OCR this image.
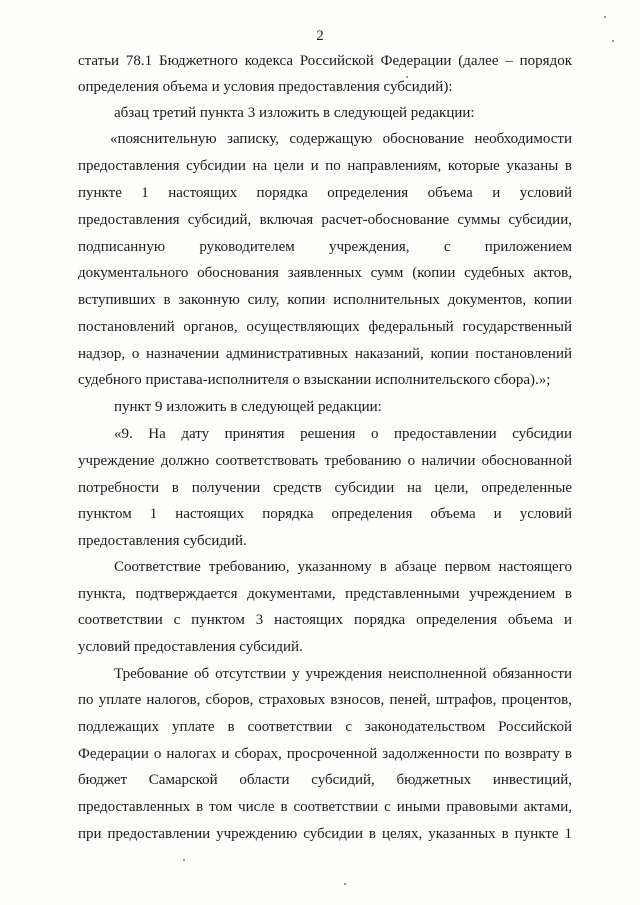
2
статьи 78.1 Бюджетного кодекса Российской Федерации (далее – порядок
определения объема и условия предоставления субсидий):
абзац третий пункта 3 изложить в следующей редакции:
«пояснительную записку, содержащую обоснование необходимости
предоставления субсидии на цели и по направлениям, которые указаны в
пункте 1 настоящих порядка определения объема и условий
предоставления субсидий, включая расчет-обоснование суммы субсидии,
подписанную руководителем учреждения, с приложением
документального обоснования заявленных сумм (копии судебных актов,
вступивших в законную силу, копии исполнительных документов, копии
постановлений органов, осуществляющих федеральный государственный
надзор, о назначении административных наказаний, копии постановлений
судебного пристава-исполнителя о взыскании исполнительского сбора).»;
пункт 9 изложить в следующей редакции:
«9. На дату принятия решения о предоставлении субсидии
учреждение должно соответствовать требованию о наличии обоснованной
потребности в получении средств субсидии на цели, определенные
пунктом 1 настоящих порядка определения объема и условий
предоставления субсидий.
Соответствие требованию, указанному в абзаце первом настоящего
пункта, подтверждается документами, представленными учреждением в
соответствии с пунктом 3 настоящих порядка определения объема и
условий предоставления субсидий.
Требование об отсутствии у учреждения неисполненной обязанности
по уплате налогов, сборов, страховых взносов, пеней, штрафов, процентов,
подлежащих уплате в соответствии с законодательством Российской
Федерации о налогах и сборах, просроченной задолженности по возврату в
бюджет Самарской области субсидий, бюджетных инвестиций,
предоставленных в том числе в соответствии с иными правовыми актами,
при предоставлении учреждению субсидии в целях, указанных в пункте 1
